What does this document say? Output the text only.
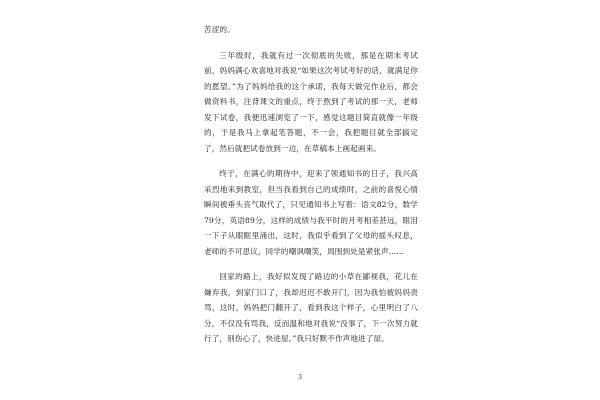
苦涩的。

三年级时，我就有过一次彻底的失败，那是在期末考试前，妈妈满心欢喜地对我说“如果这次考试考好的话，就满足你的愿望。”为了妈妈给我的这个承诺，我每天做完作业后，都会做资料书，注背课文的重点，终于熬到了考试的那一天，老师发下试卷，我便迅速浏览了一下，感觉这题目简直就像一年级的，于是我马上拿起笔答题，不一会，我把题目就全部搞定了，然后就把试卷放到一边，在草稿本上画起画来。

终于，在满心的期待中，迎来了领通知书的日子，我兴高采烈地来到教室，但当我看到自己的成绩时，之前的喜悦心情瞬间被垂头丧气取代了，只见通知书上写着：语文82分，数学79分，英语89分，这样的成绩与我平时的月考相差甚远，眼泪一下子从眼眶里涌出，这时，我似乎看到了父母的摇头叹息，老师的不可思议，同学的嘲讽嘲笑，周围到处是紧张声……

回家的路上，我好似发现了路边的小草在鄙视我，花儿在嫌弃我，到家门口了，我却迟迟不敢开门，因为我怕被妈妈责骂，这时，妈妈把门翻开了，看到我这个样子，心里明白了八分，不仅没有骂我，反而温和地对我说“没事了，下一次努力就行了，别伤心了，快进屋。”我只好默不作声地进了屋。

3
